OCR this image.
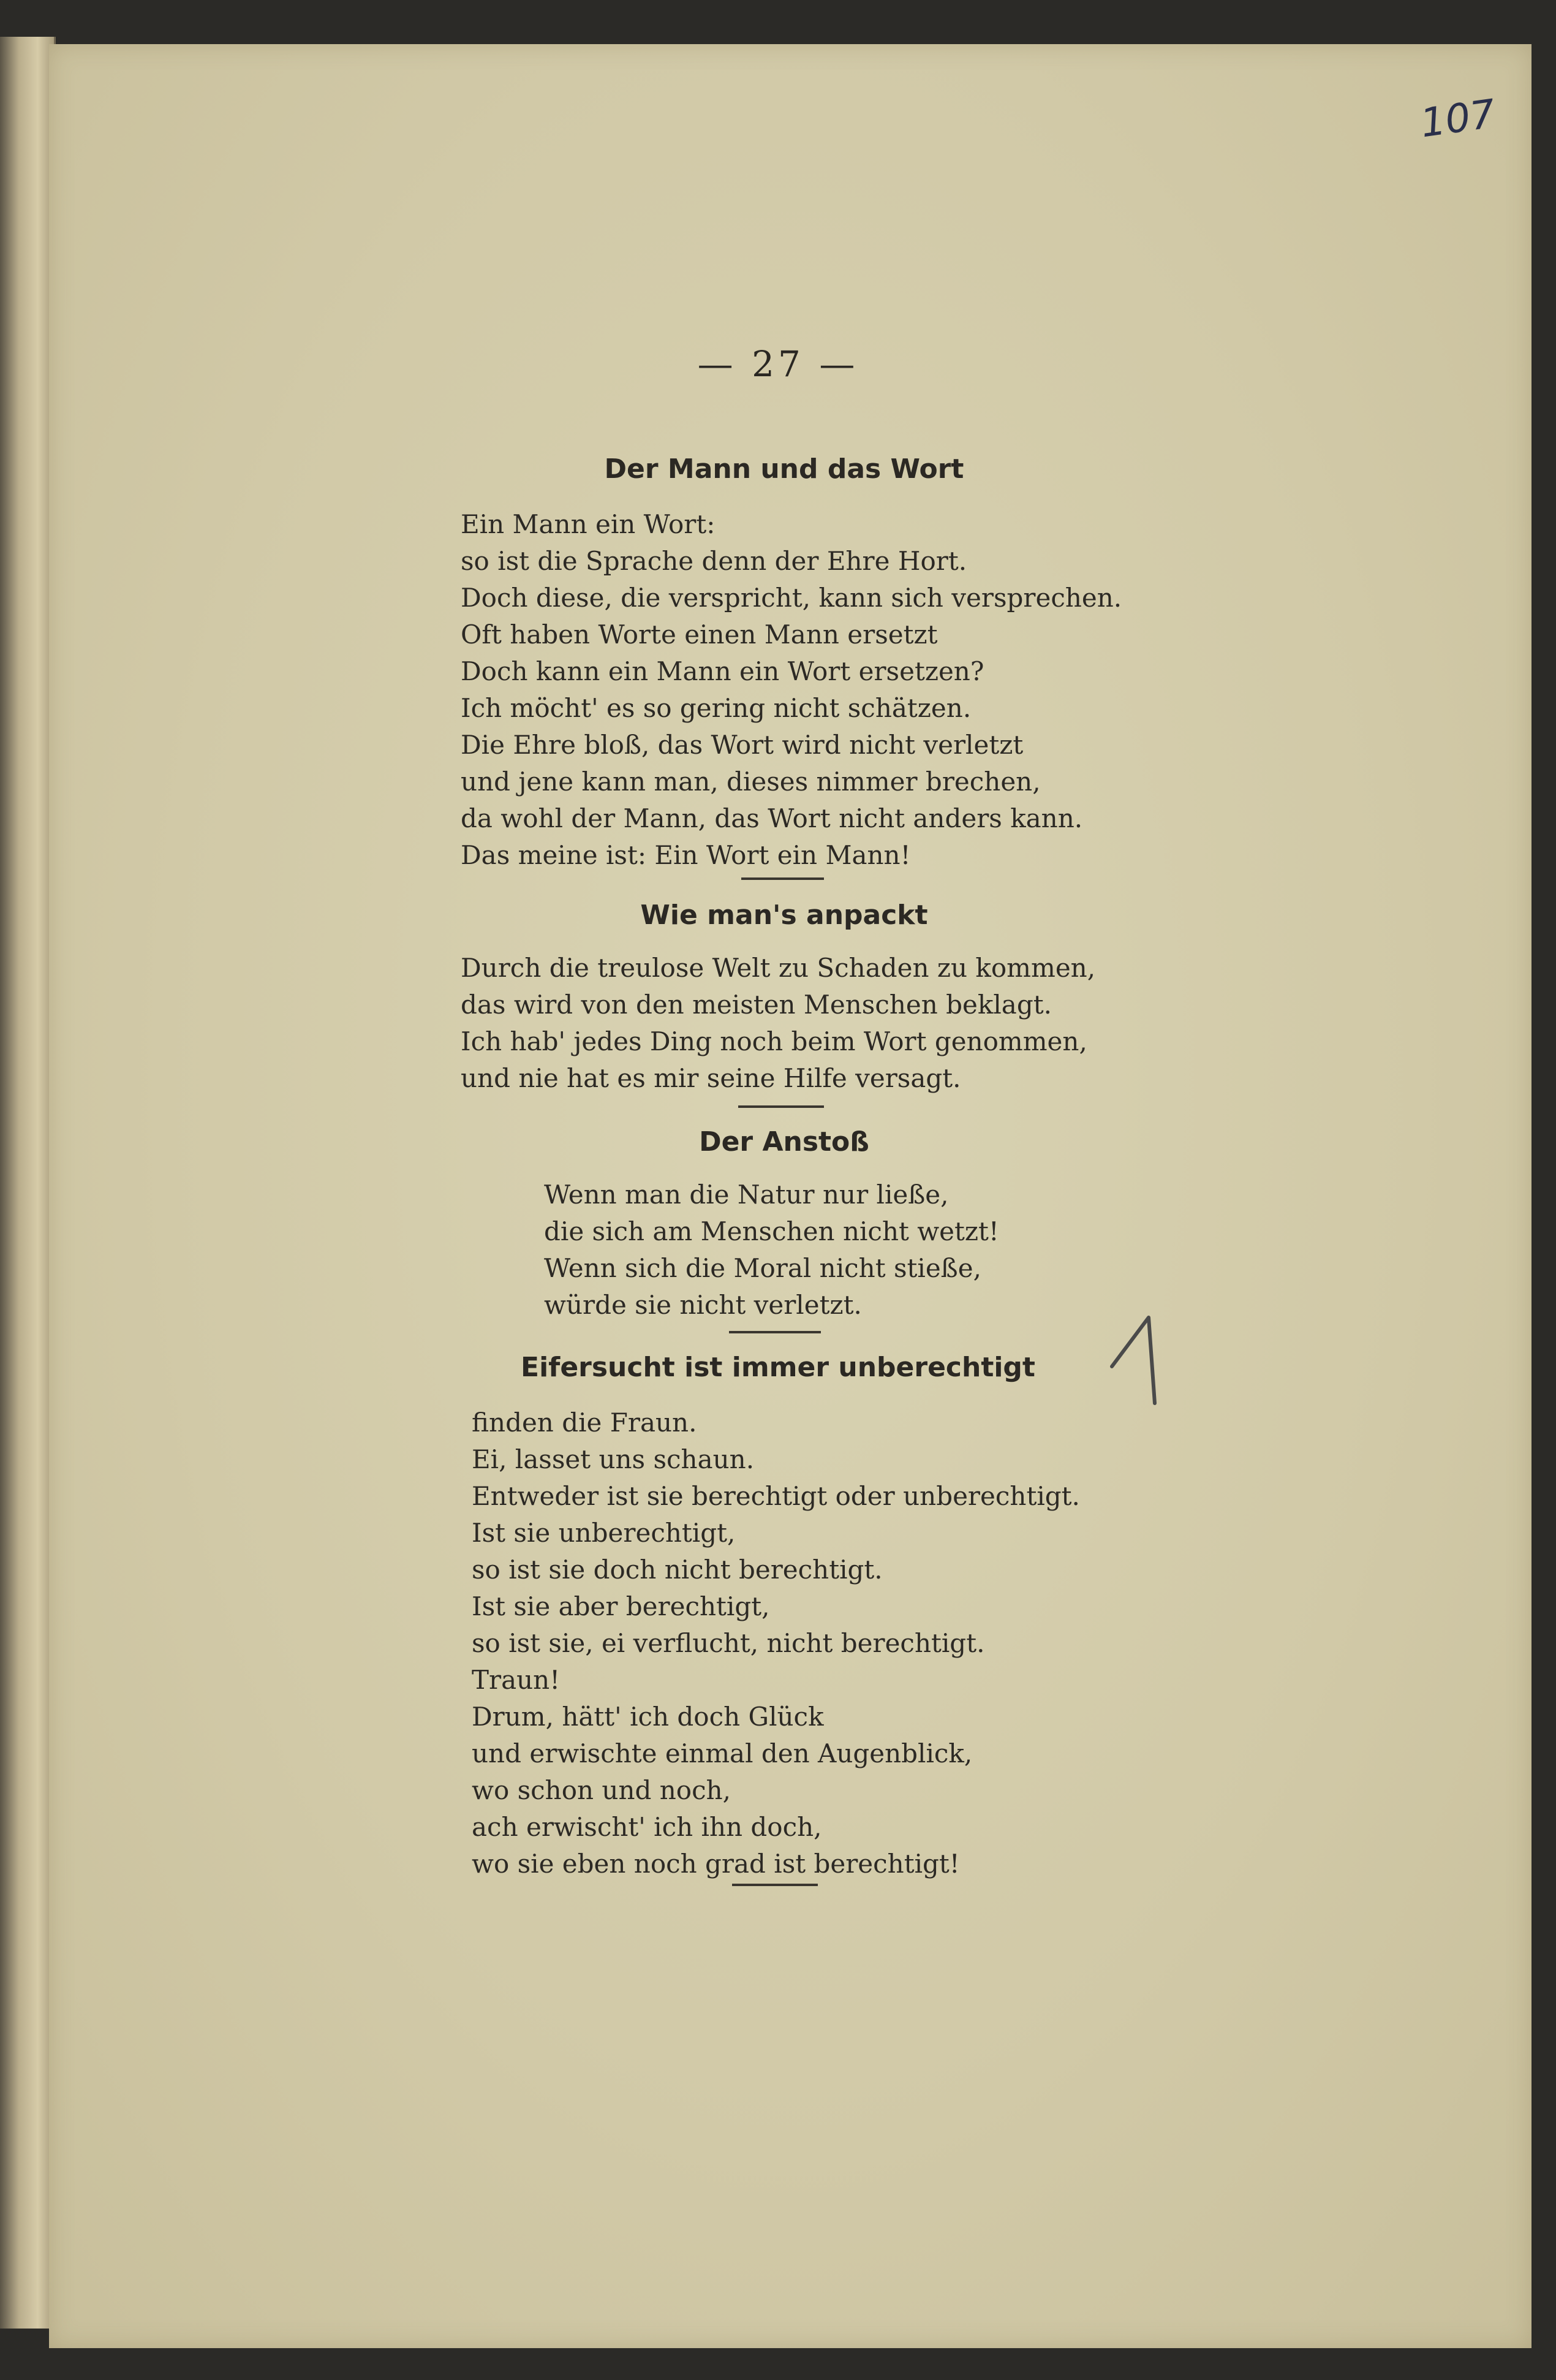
107
— 27 —
Der Mann und das Wort
Ein Mann ein Wort:
so ist die Sprache denn der Ehre Hort.
Doch diese, die verspricht, kann sich versprechen.
Oft haben Worte einen Mann ersetzt
Doch kann ein Mann ein Wort ersetzen?
Ich möcht' es so gering nicht schätzen.
Die Ehre bloß, das Wort wird nicht verletzt
und jene kann man, dieses nimmer brechen,
da wohl der Mann, das Wort nicht anders kann.
Das meine ist: Ein Wort ein Mann!
Wie man's anpackt
Durch die treulose Welt zu Schaden zu kommen,
das wird von den meisten Menschen beklagt.
Ich hab' jedes Ding noch beim Wort genommen,
und nie hat es mir seine Hilfe versagt.
Der Anstoß
Wenn man die Natur nur ließe,
die sich am Menschen nicht wetzt!
Wenn sich die Moral nicht stieße,
würde sie nicht verletzt.
Eifersucht ist immer unberechtigt
finden die Fraun.
Ei, lasset uns schaun.
Entweder ist sie berechtigt oder unberechtigt.
Ist sie unberechtigt,
so ist sie doch nicht berechtigt.
Ist sie aber berechtigt,
so ist sie, ei verflucht, nicht berechtigt.
Traun!
Drum, hätt' ich doch Glück
und erwischte einmal den Augenblick,
wo schon und noch,
ach erwischt' ich ihn doch,
wo sie eben noch grad ist berechtigt!
